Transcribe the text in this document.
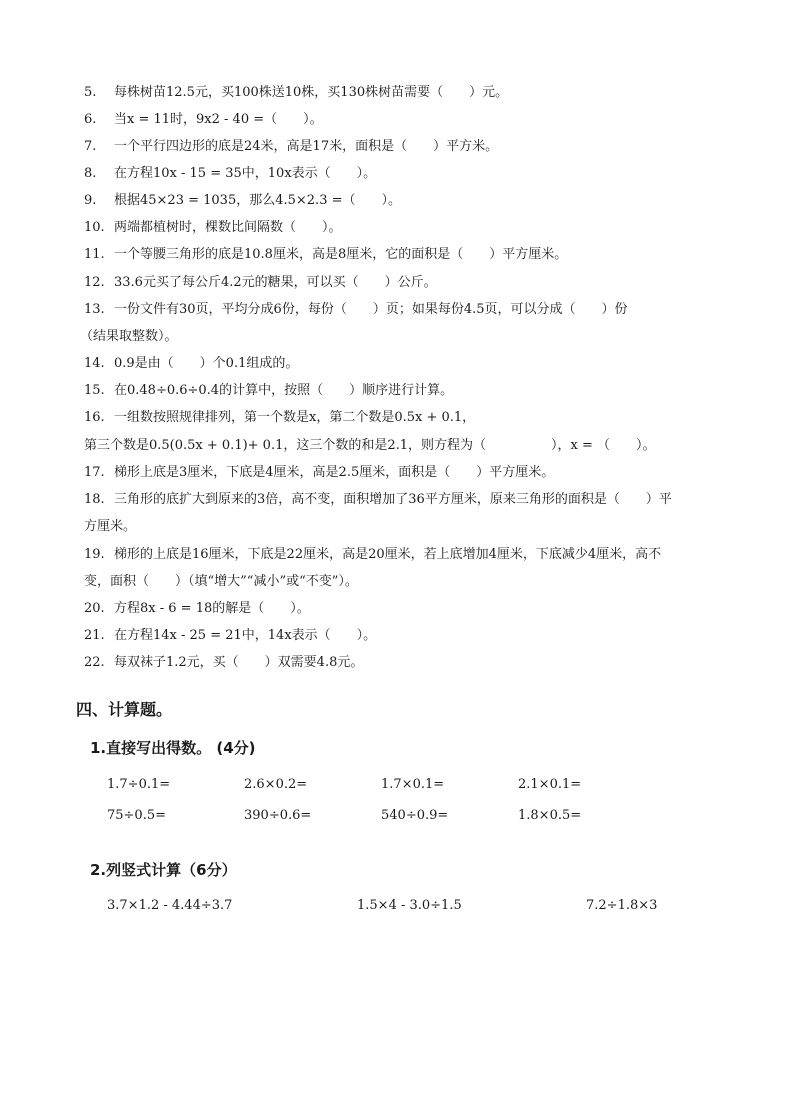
5. 每株树苗12.5元，买100株送10株，买130株树苗需要（　　）元。
6. 当x = 11时，9x2 - 40 =（　　）。
7. 一个平行四边形的底是24米，高是17米，面积是（　　）平方米。
8. 在方程10x - 15 = 35中，10x表示（　　）。
9. 根据45×23 = 1035，那么4.5×2.3 =（　　）。
10. 两端都植树时，棵数比间隔数（　　）。
11. 一个等腰三角形的底是10.8厘米，高是8厘米，它的面积是（　　）平方厘米。
12. 33.6元买了每公斤4.2元的糖果，可以买（　　）公斤。
13. 一份文件有30页，平均分成6份，每份（　　）页；如果每份4.5页，可以分成（　　）份
（结果取整数）。
14. 0.9是由（　　）个0.1组成的。
15. 在0.48÷0.6÷0.4的计算中，按照（　　）顺序进行计算。
16. 一组数按照规律排列，第一个数是x，第二个数是0.5x + 0.1，
第三个数是0.5(0.5x + 0.1)+ 0.1，这三个数的和是2.1，则方程为（　　　　　），x = （　　）。
17. 梯形上底是3厘米，下底是4厘米，高是2.5厘米，面积是（　　）平方厘米。
18. 三角形的底扩大到原来的3倍，高不变，面积增加了36平方厘米，原来三角形的面积是（　　）平
方厘米。
19. 梯形的上底是16厘米，下底是22厘米，高是20厘米，若上底增加4厘米，下底减少4厘米，高不
变，面积（　　）（填“增大”“减小”或“不变”）。
20. 方程8x - 6 = 18的解是（　　）。
21. 在方程14x - 25 = 21中，14x表示（　　）。
22. 每双袜子1.2元，买（　　）双需要4.8元。
四、计算题。
1.直接写出得数。 (4分)
1.7÷0.1=	2.6×0.2=	1.7×0.1=	2.1×0.1=
75÷0.5=	390÷0.6=	540÷0.9=	1.8×0.5=
2.列竖式计算（6分）
3.7×1.2 - 4.44÷3.7	1.5×4 - 3.0÷1.5	7.2÷1.8×3
